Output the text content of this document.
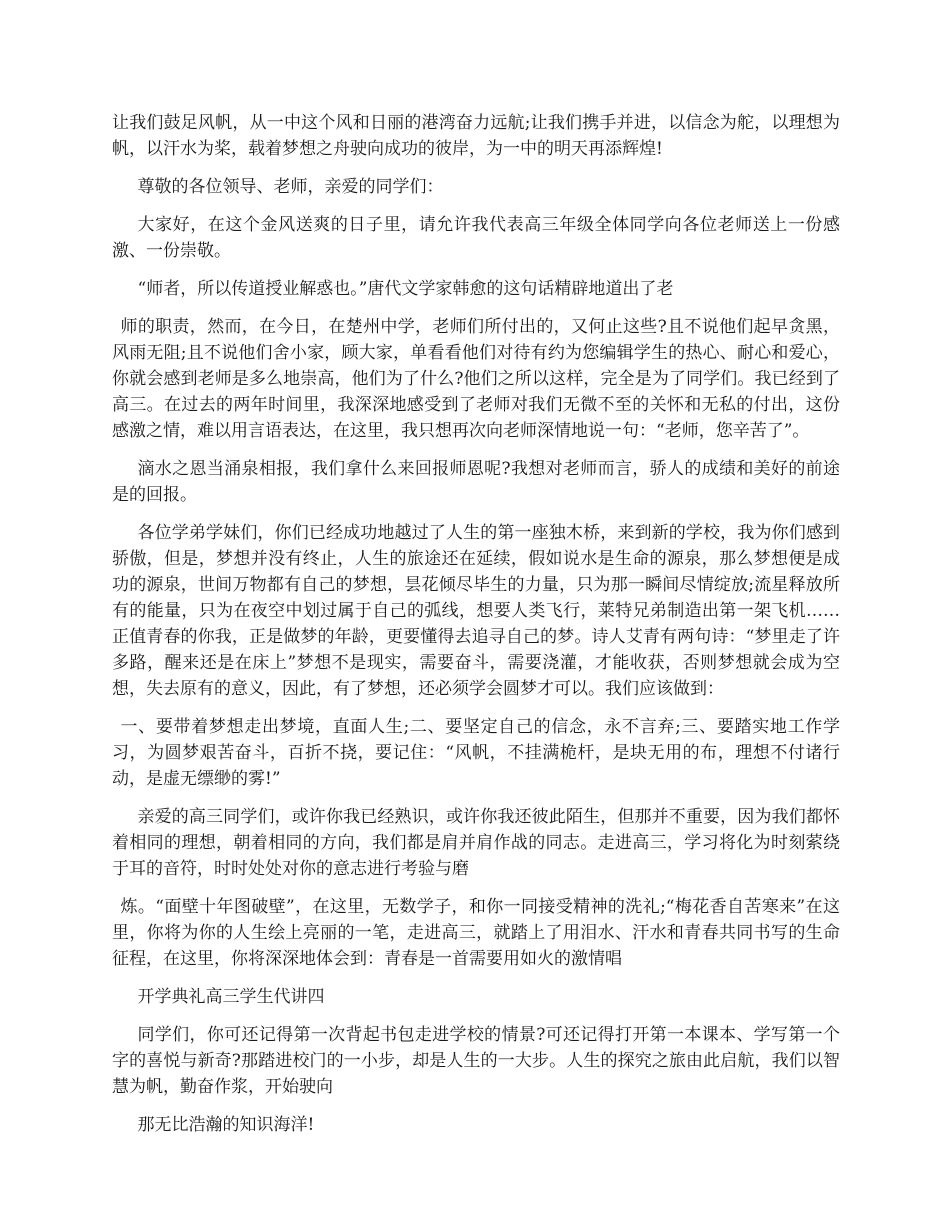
让我们鼓足风帆，从一中这个风和日丽的港湾奋力远航;让我们携手并进，以信念为舵，以理想为帆，以汗水为桨，载着梦想之舟驶向成功的彼岸，为一中的明天再添辉煌!

尊敬的各位领导、老师，亲爱的同学们：

大家好，在这个金风送爽的日子里，请允许我代表高三年级全体同学向各位老师送上一份感激、一份崇敬。

“师者，所以传道授业解惑也。”唐代文学家韩愈的这句话精辟地道出了老

师的职责，然而，在今日，在楚州中学，老师们所付出的，又何止这些?且不说他们起早贪黑，风雨无阻;且不说他们舍小家，顾大家，单看看他们对待有约为您编辑学生的热心、耐心和爱心，你就会感到老师是多么地崇高，他们为了什么?他们之所以这样，完全是为了同学们。我已经到了高三。在过去的两年时间里，我深深地感受到了老师对我们无微不至的关怀和无私的付出，这份感激之情，难以用言语表达，在这里，我只想再次向老师深情地说一句：“老师，您辛苦了”。

滴水之恩当涌泉相报，我们拿什么来回报师恩呢?我想对老师而言，骄人的成绩和美好的前途是的回报。

各位学弟学妹们，你们已经成功地越过了人生的第一座独木桥，来到新的学校，我为你们感到骄傲，但是，梦想并没有终止，人生的旅途还在延续，假如说水是生命的源泉，那么梦想便是成功的源泉，世间万物都有自己的梦想，昙花倾尽毕生的力量，只为那一瞬间尽情绽放;流星释放所有的能量，只为在夜空中划过属于自己的弧线，想要人类飞行，莱特兄弟制造出第一架飞机……正值青春的你我，正是做梦的年龄，更要懂得去追寻自己的梦。诗人艾青有两句诗：“梦里走了许多路，醒来还是在床上”梦想不是现实，需要奋斗，需要浇灌，才能收获，否则梦想就会成为空想，失去原有的意义，因此，有了梦想，还必须学会圆梦才可以。我们应该做到：

一、要带着梦想走出梦境，直面人生;二、要坚定自己的信念，永不言弃;三、要踏实地工作学习，为圆梦艰苦奋斗，百折不挠，要记住：“风帆，不挂满桅杆，是块无用的布，理想不付诸行动，是虚无缥缈的雾!”

亲爱的高三同学们，或许你我已经熟识，或许你我还彼此陌生，但那并不重要，因为我们都怀着相同的理想，朝着相同的方向，我们都是肩并肩作战的同志。走进高三，学习将化为时刻萦绕于耳的音符，时时处处对你的意志进行考验与磨

炼。“面壁十年图破壁”，在这里，无数学子，和你一同接受精神的洗礼;“梅花香自苦寒来”在这里，你将为你的人生绘上亮丽的一笔，走进高三，就踏上了用泪水、汗水和青春共同书写的生命征程，在这里，你将深深地体会到：青春是一首需要用如火的激情唱

开学典礼高三学生代讲四

同学们，你可还记得第一次背起书包走进学校的情景?可还记得打开第一本课本、学写第一个字的喜悦与新奇?那踏进校门的一小步，却是人生的一大步。人生的探究之旅由此启航，我们以智慧为帆，勤奋作浆，开始驶向

那无比浩瀚的知识海洋!
